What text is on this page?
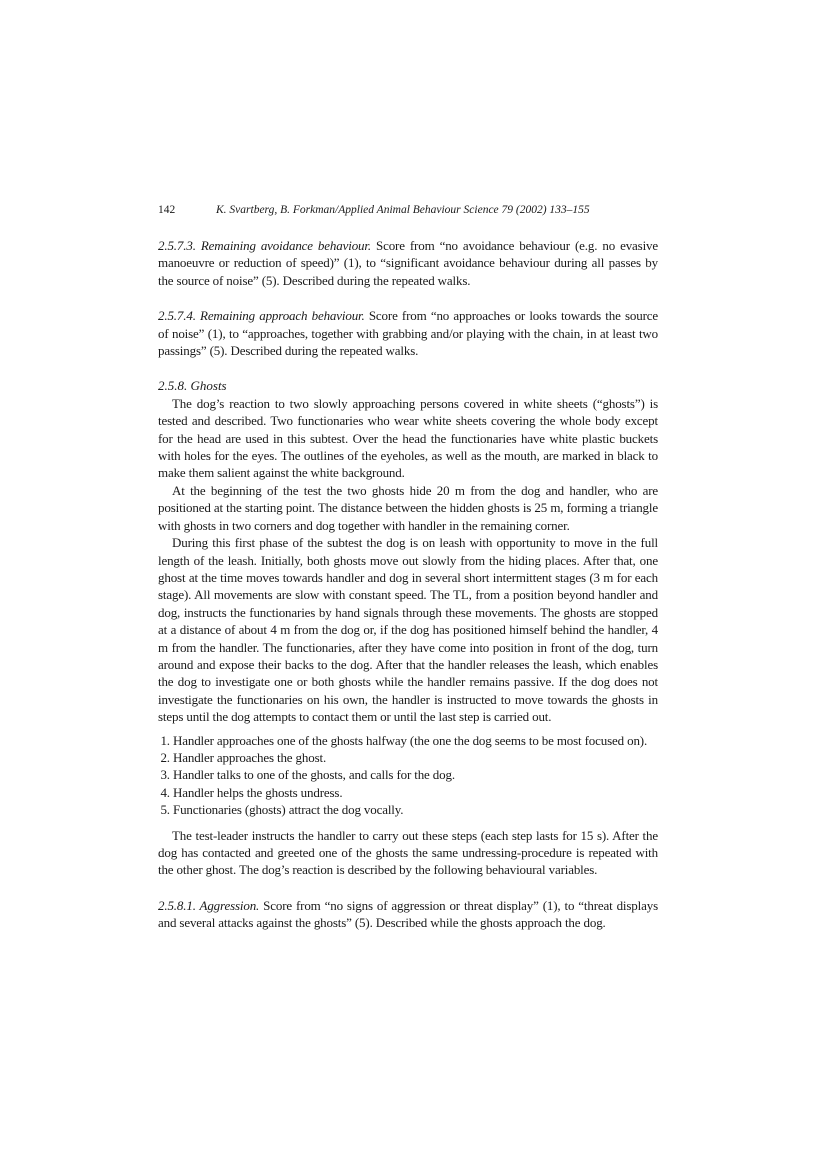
142	K. Svartberg, B. Forkman/Applied Animal Behaviour Science 79 (2002) 133–155

2.5.7.3. Remaining avoidance behaviour. Score from “no avoidance behaviour (e.g. no evasive manoeuvre or reduction of speed)” (1), to “significant avoidance behaviour during all passes by the source of noise” (5). Described during the repeated walks.

2.5.7.4. Remaining approach behaviour. Score from “no approaches or looks towards the source of noise” (1), to “approaches, together with grabbing and/or playing with the chain, in at least two passings” (5). Described during the repeated walks.

2.5.8. Ghosts

The dog’s reaction to two slowly approaching persons covered in white sheets (“ghosts”) is tested and described. Two functionaries who wear white sheets covering the whole body except for the head are used in this subtest. Over the head the functionaries have white plastic buckets with holes for the eyes. The outlines of the eyeholes, as well as the mouth, are marked in black to make them salient against the white background.

At the beginning of the test the two ghosts hide 20 m from the dog and handler, who are positioned at the starting point. The distance between the hidden ghosts is 25 m, forming a triangle with ghosts in two corners and dog together with handler in the remaining corner.

During this first phase of the subtest the dog is on leash with opportunity to move in the full length of the leash. Initially, both ghosts move out slowly from the hiding places. After that, one ghost at the time moves towards handler and dog in several short intermittent stages (3 m for each stage). All movements are slow with constant speed. The TL, from a position beyond handler and dog, instructs the functionaries by hand signals through these movements. The ghosts are stopped at a distance of about 4 m from the dog or, if the dog has positioned himself behind the handler, 4 m from the handler. The functionaries, after they have come into position in front of the dog, turn around and expose their backs to the dog. After that the handler releases the leash, which enables the dog to investigate one or both ghosts while the handler remains passive. If the dog does not investigate the functionaries on his own, the handler is instructed to move towards the ghosts in steps until the dog attempts to contact them or until the last step is carried out.

1. Handler approaches one of the ghosts halfway (the one the dog seems to be most focused on).
2. Handler approaches the ghost.
3. Handler talks to one of the ghosts, and calls for the dog.
4. Handler helps the ghosts undress.
5. Functionaries (ghosts) attract the dog vocally.

The test-leader instructs the handler to carry out these steps (each step lasts for 15 s). After the dog has contacted and greeted one of the ghosts the same undressing-procedure is repeated with the other ghost. The dog’s reaction is described by the following behavioural variables.

2.5.8.1. Aggression. Score from “no signs of aggression or threat display” (1), to “threat displays and several attacks against the ghosts” (5). Described while the ghosts approach the dog.
